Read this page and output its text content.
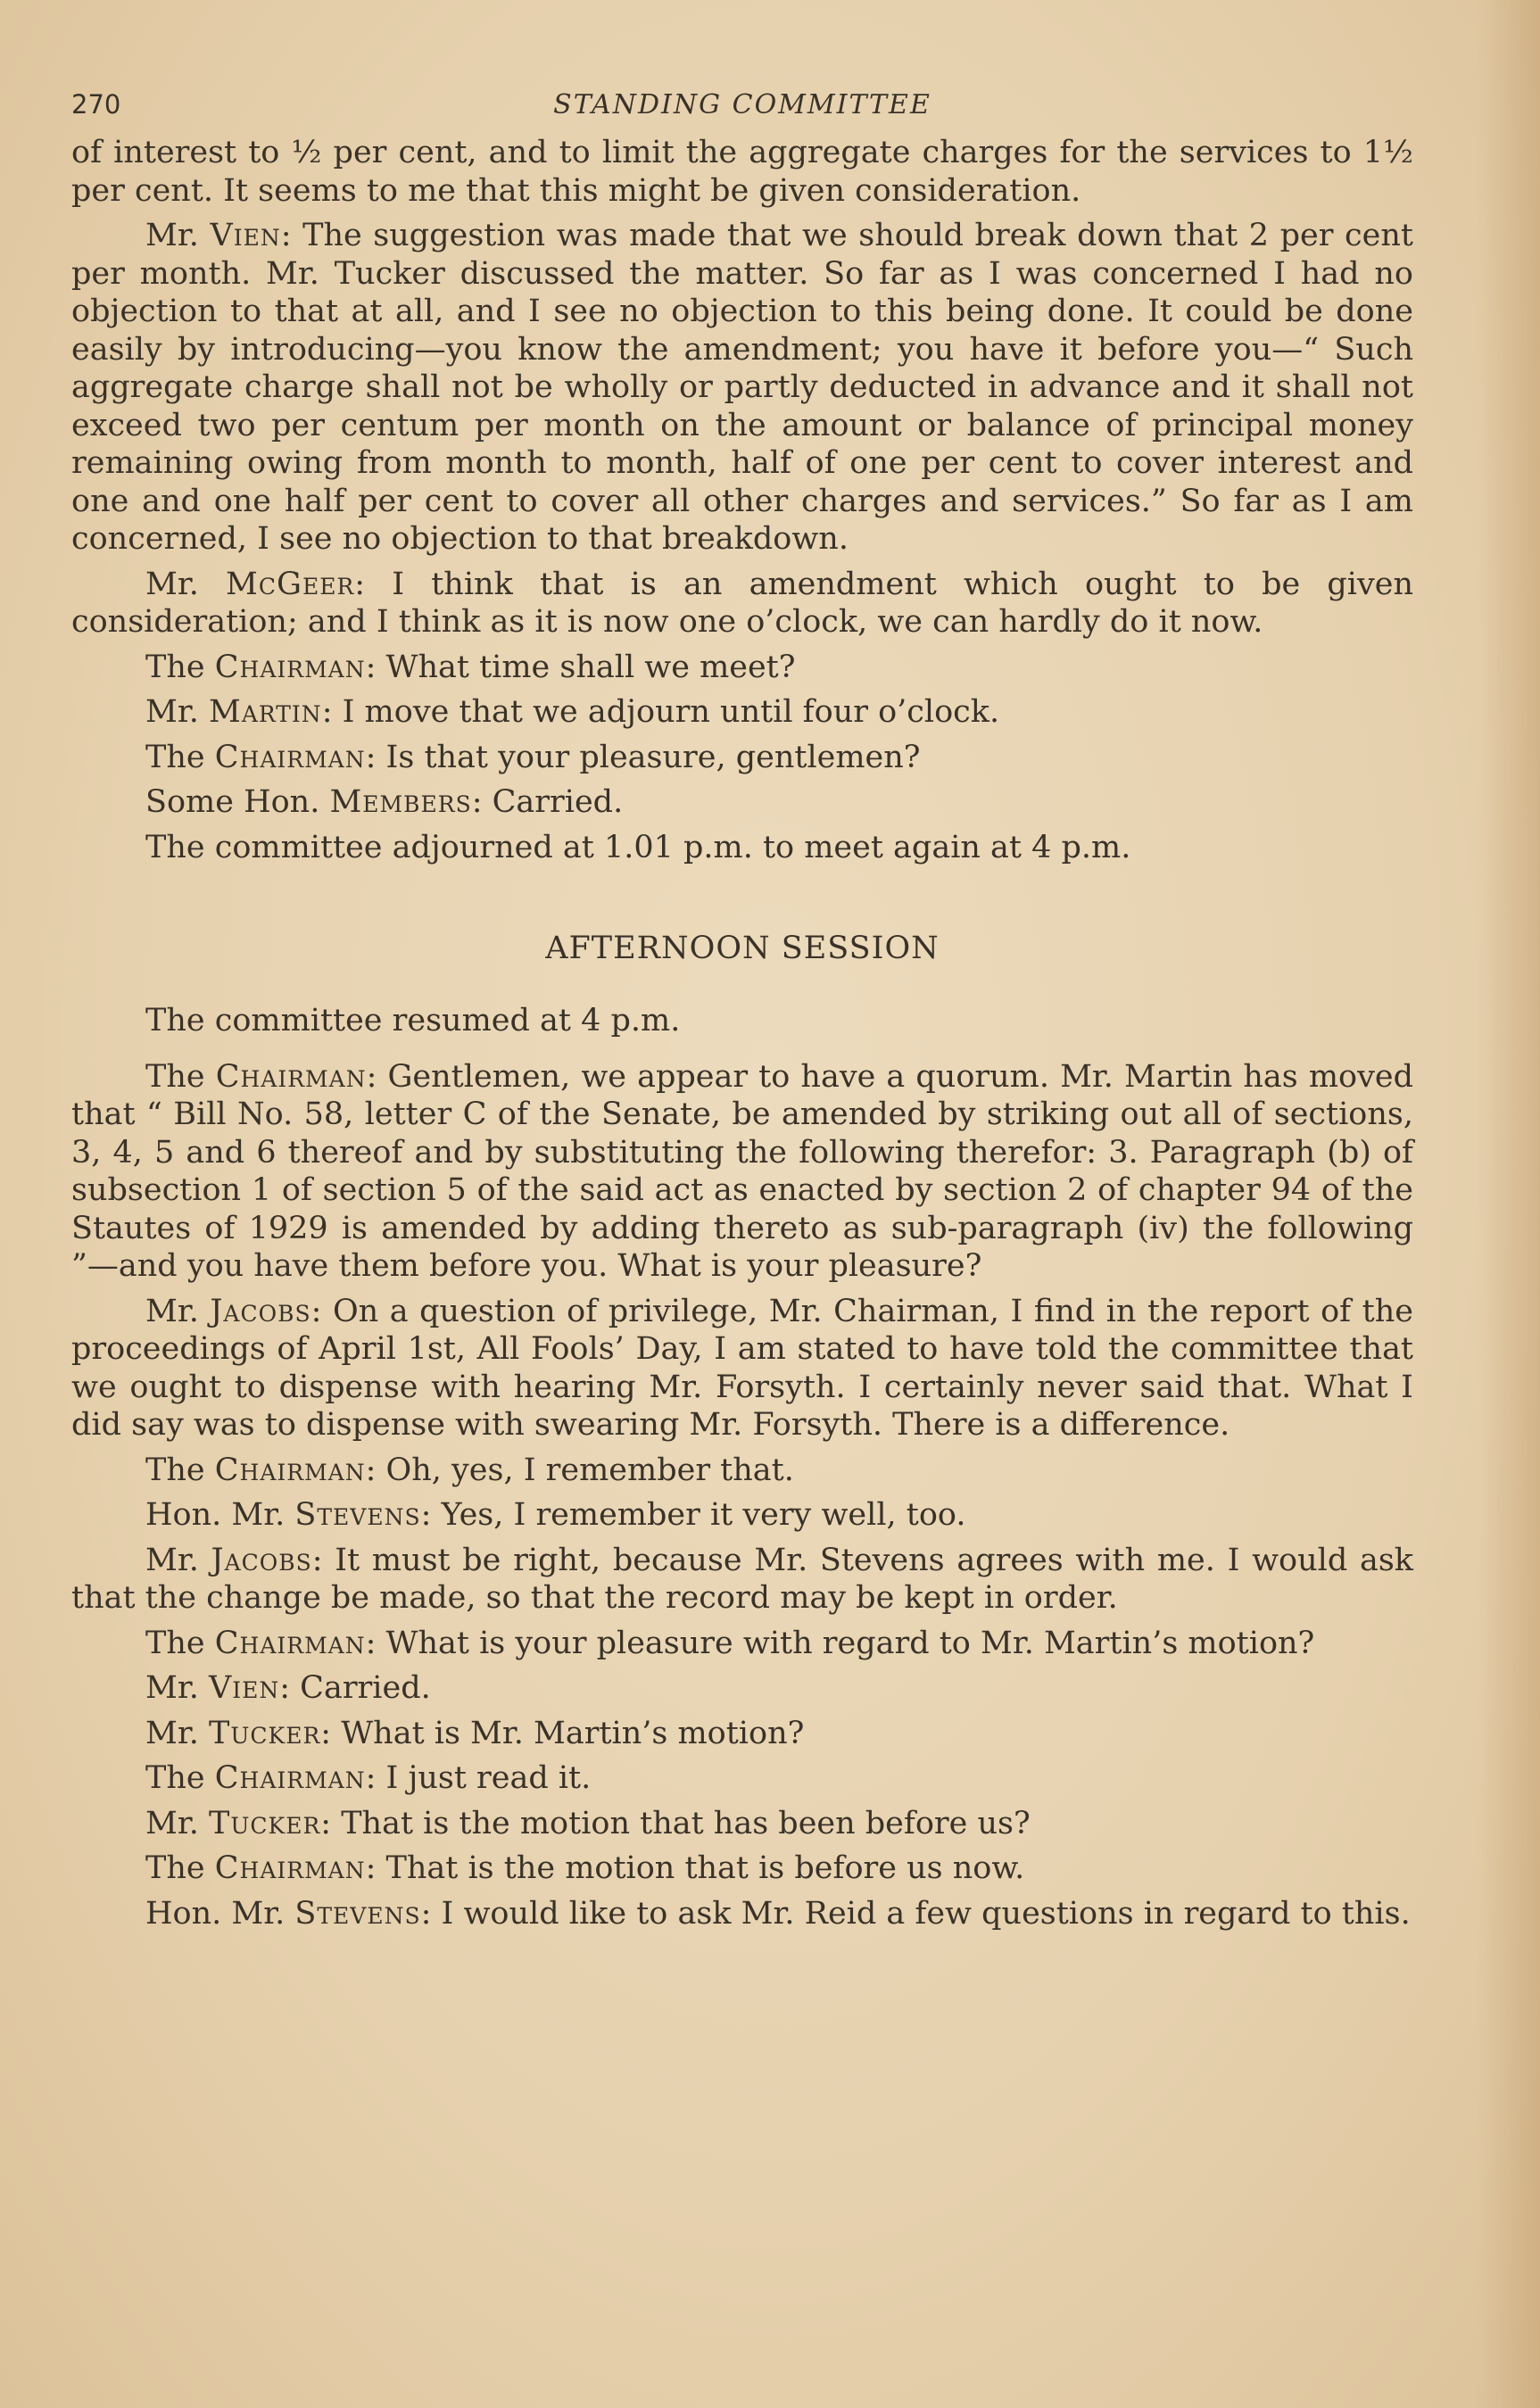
270	STANDING COMMITTEE

of interest to ½ per cent, and to limit the aggregate charges for the services to 1½ per cent. It seems to me that this might be given consideration.

Mr. Vien: The suggestion was made that we should break down that 2 per cent per month. Mr. Tucker discussed the matter. So far as I was concerned I had no objection to that at all, and I see no objection to this being done. It could be done easily by introducing—you know the amendment; you have it before you—“ Such aggregate charge shall not be wholly or partly deducted in advance and it shall not exceed two per centum per month on the amount or balance of principal money remaining owing from month to month, half of one per cent to cover interest and one and one half per cent to cover all other charges and services.” So far as I am concerned, I see no objection to that breakdown.

Mr. McGeer: I think that is an amendment which ought to be given consideration; and I think as it is now one o’clock, we can hardly do it now.

The Chairman: What time shall we meet?

Mr. Martin: I move that we adjourn until four o’clock.

The Chairman: Is that your pleasure, gentlemen?

Some Hon. Members: Carried.

The committee adjourned at 1.01 p.m. to meet again at 4 p.m.

AFTERNOON SESSION

The committee resumed at 4 p.m.

The Chairman: Gentlemen, we appear to have a quorum. Mr. Martin has moved that “ Bill No. 58, letter C of the Senate, be amended by striking out all of sections, 3, 4, 5 and 6 thereof and by substituting the following therefor: 3. Paragraph (b) of subsection 1 of section 5 of the said act as enacted by section 2 of chapter 94 of the Stautes of 1929 is amended by adding thereto as sub-paragraph (iv) the following ”—and you have them before you. What is your pleasure?

Mr. Jacobs: On a question of privilege, Mr. Chairman, I find in the report of the proceedings of April 1st, All Fools’ Day, I am stated to have told the committee that we ought to dispense with hearing Mr. Forsyth. I certainly never said that. What I did say was to dispense with swearing Mr. Forsyth. There is a difference.

The Chairman: Oh, yes, I remember that.

Hon. Mr. Stevens: Yes, I remember it very well, too.

Mr. Jacobs: It must be right, because Mr. Stevens agrees with me. I would ask that the change be made, so that the record may be kept in order.

The Chairman: What is your pleasure with regard to Mr. Martin’s motion?

Mr. Vien: Carried.

Mr. Tucker: What is Mr. Martin’s motion?

The Chairman: I just read it.

Mr. Tucker: That is the motion that has been before us?

The Chairman: That is the motion that is before us now.

Hon. Mr. Stevens: I would like to ask Mr. Reid a few questions in regard to this.
